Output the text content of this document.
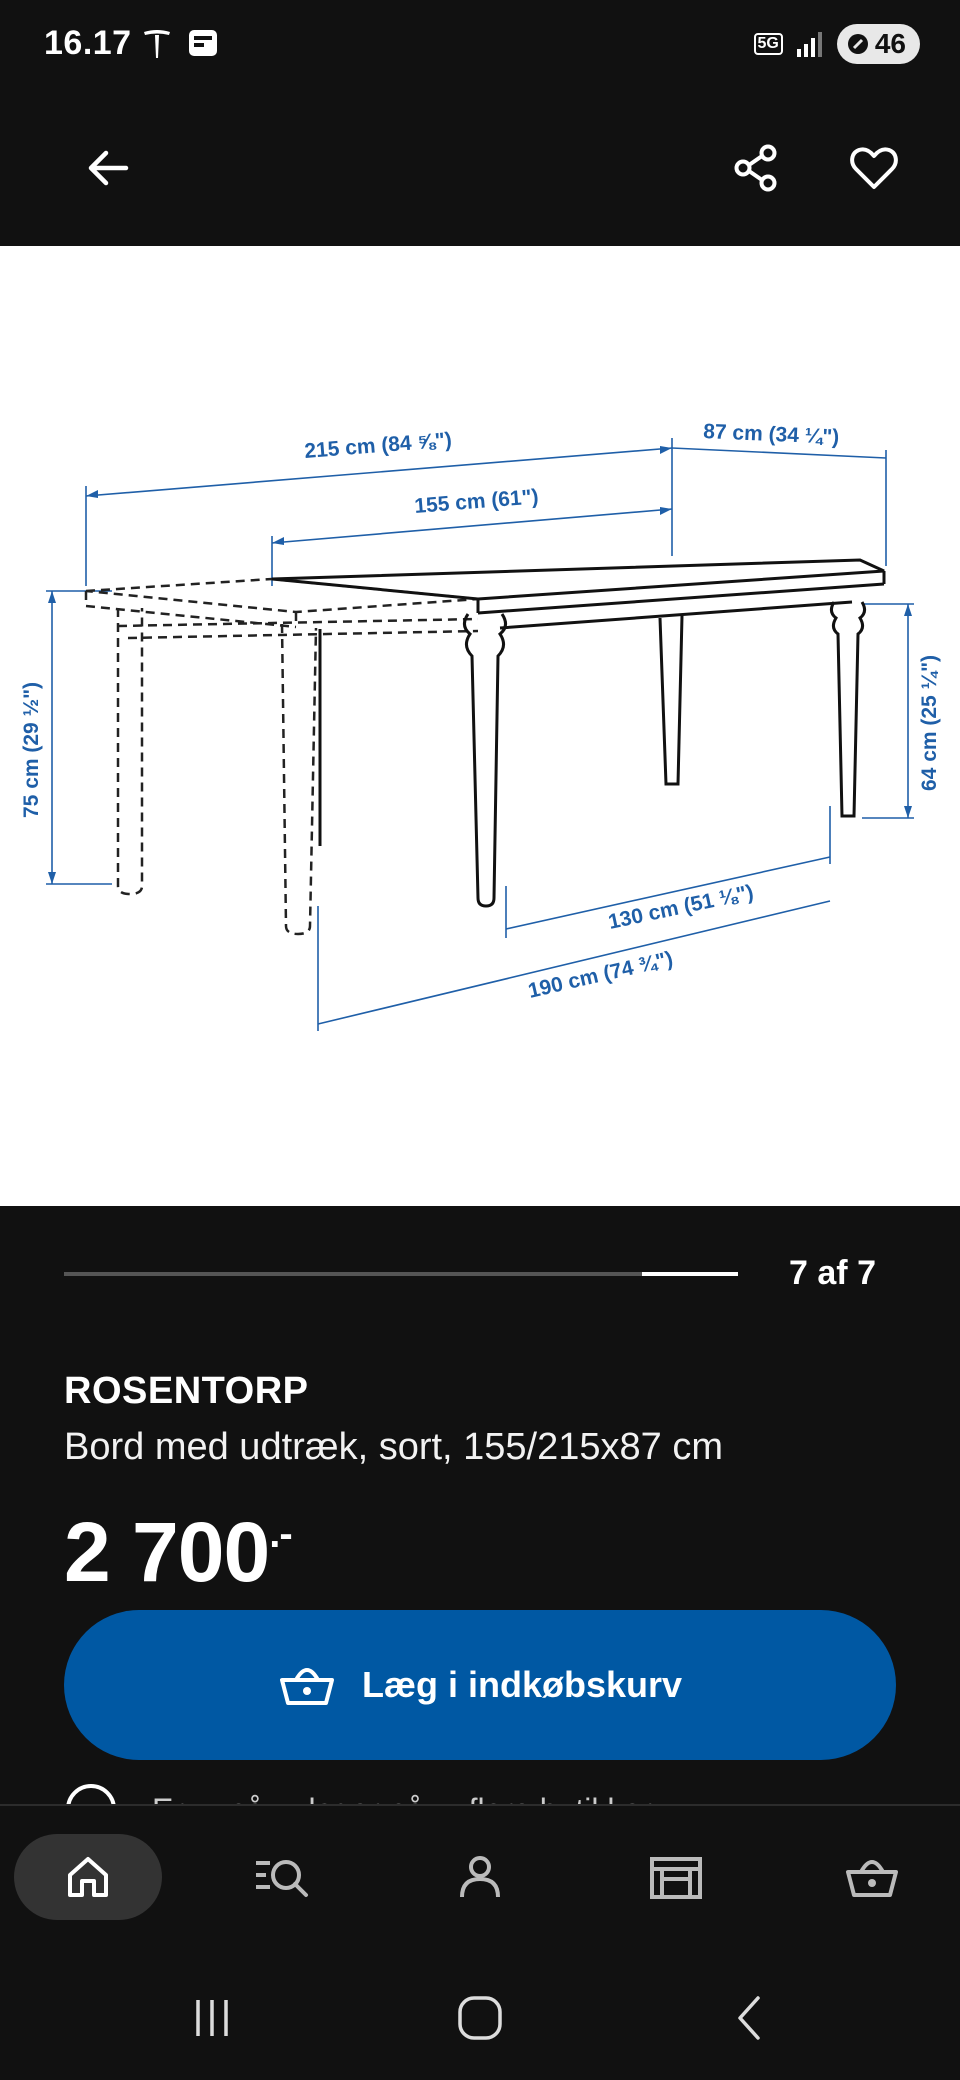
16.17	5G	46
215 cm (84 ⅝")	87 cm (34 ¼")
155 cm (61")
75 cm (29 ½")	64 cm (25 ¼")
130 cm (51 ⅛")
190 cm (74 ¾")
7 af 7
ROSENTORP
Bord med udtræk, sort, 155/215x87 cm
2 700 .-
Læg i indkøbskurv
